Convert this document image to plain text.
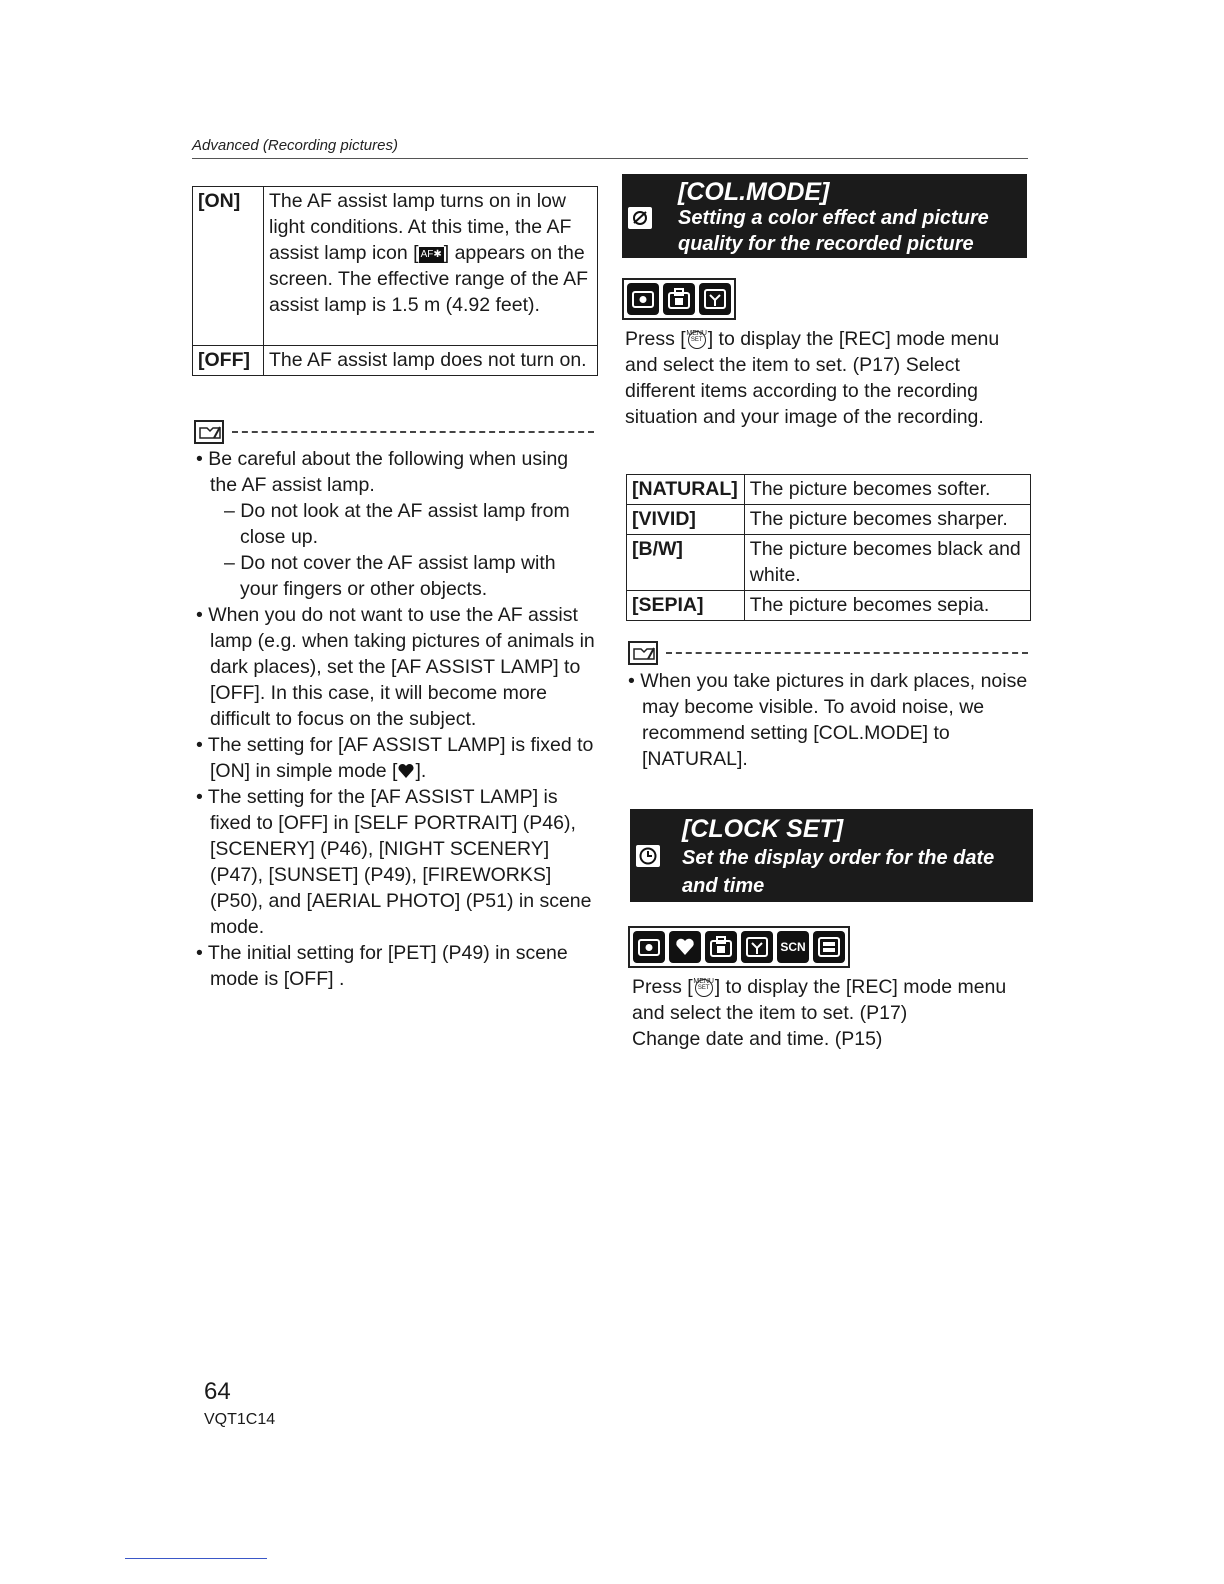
Advanced (Recording pictures)
[ON]	The AF assist lamp turns on in low light conditions. At this time, the AF assist lamp icon [ AF✱ ] appears on the screen. The effective range of the AF assist lamp is 1.5 m (4.92 feet).
[OFF]	The AF assist lamp does not turn on.
• Be careful about the following when using the AF assist lamp.
– Do not look at the AF assist lamp from close up.
– Do not cover the AF assist lamp with your fingers or other objects.
• When you do not want to use the AF assist lamp (e.g. when taking pictures of animals in dark places), set the [AF ASSIST LAMP] to [OFF]. In this case, it will become more difficult to focus on the subject.
• The setting for [AF ASSIST LAMP] is fixed to [ON] in simple mode [ ].
• The setting for the [AF ASSIST LAMP] is fixed to [OFF] in [SELF PORTRAIT] (P46), [SCENERY] (P46), [NIGHT SCENERY] (P47), [SUNSET] (P49), [FIREWORKS] (P50), and [AERIAL PHOTO] (P51) in scene mode.
• The initial setting for [PET] (P49) in scene mode is [OFF] .
[COL.MODE]
Setting a color effect and picture
quality for the recorded picture
Press [ MENU
SET ] to display the [REC] mode menu and select the item to set. (P17) Select different items according to the recording situation and your image of the recording.
[NATURAL]	The picture becomes softer.
[VIVID]	The picture becomes sharper.
[B/W]	The picture becomes black and white.
[SEPIA]	The picture becomes sepia.
• When you take pictures in dark places, noise may become visible. To avoid noise, we recommend setting [COL.MODE] to [NATURAL].
[CLOCK SET]
Set the display order for the date
and time
SCN
Press [ MENU
SET ] to display the [REC] mode menu and select the item to set. (P17)
Change date and time. (P15)
64
VQT1C14
